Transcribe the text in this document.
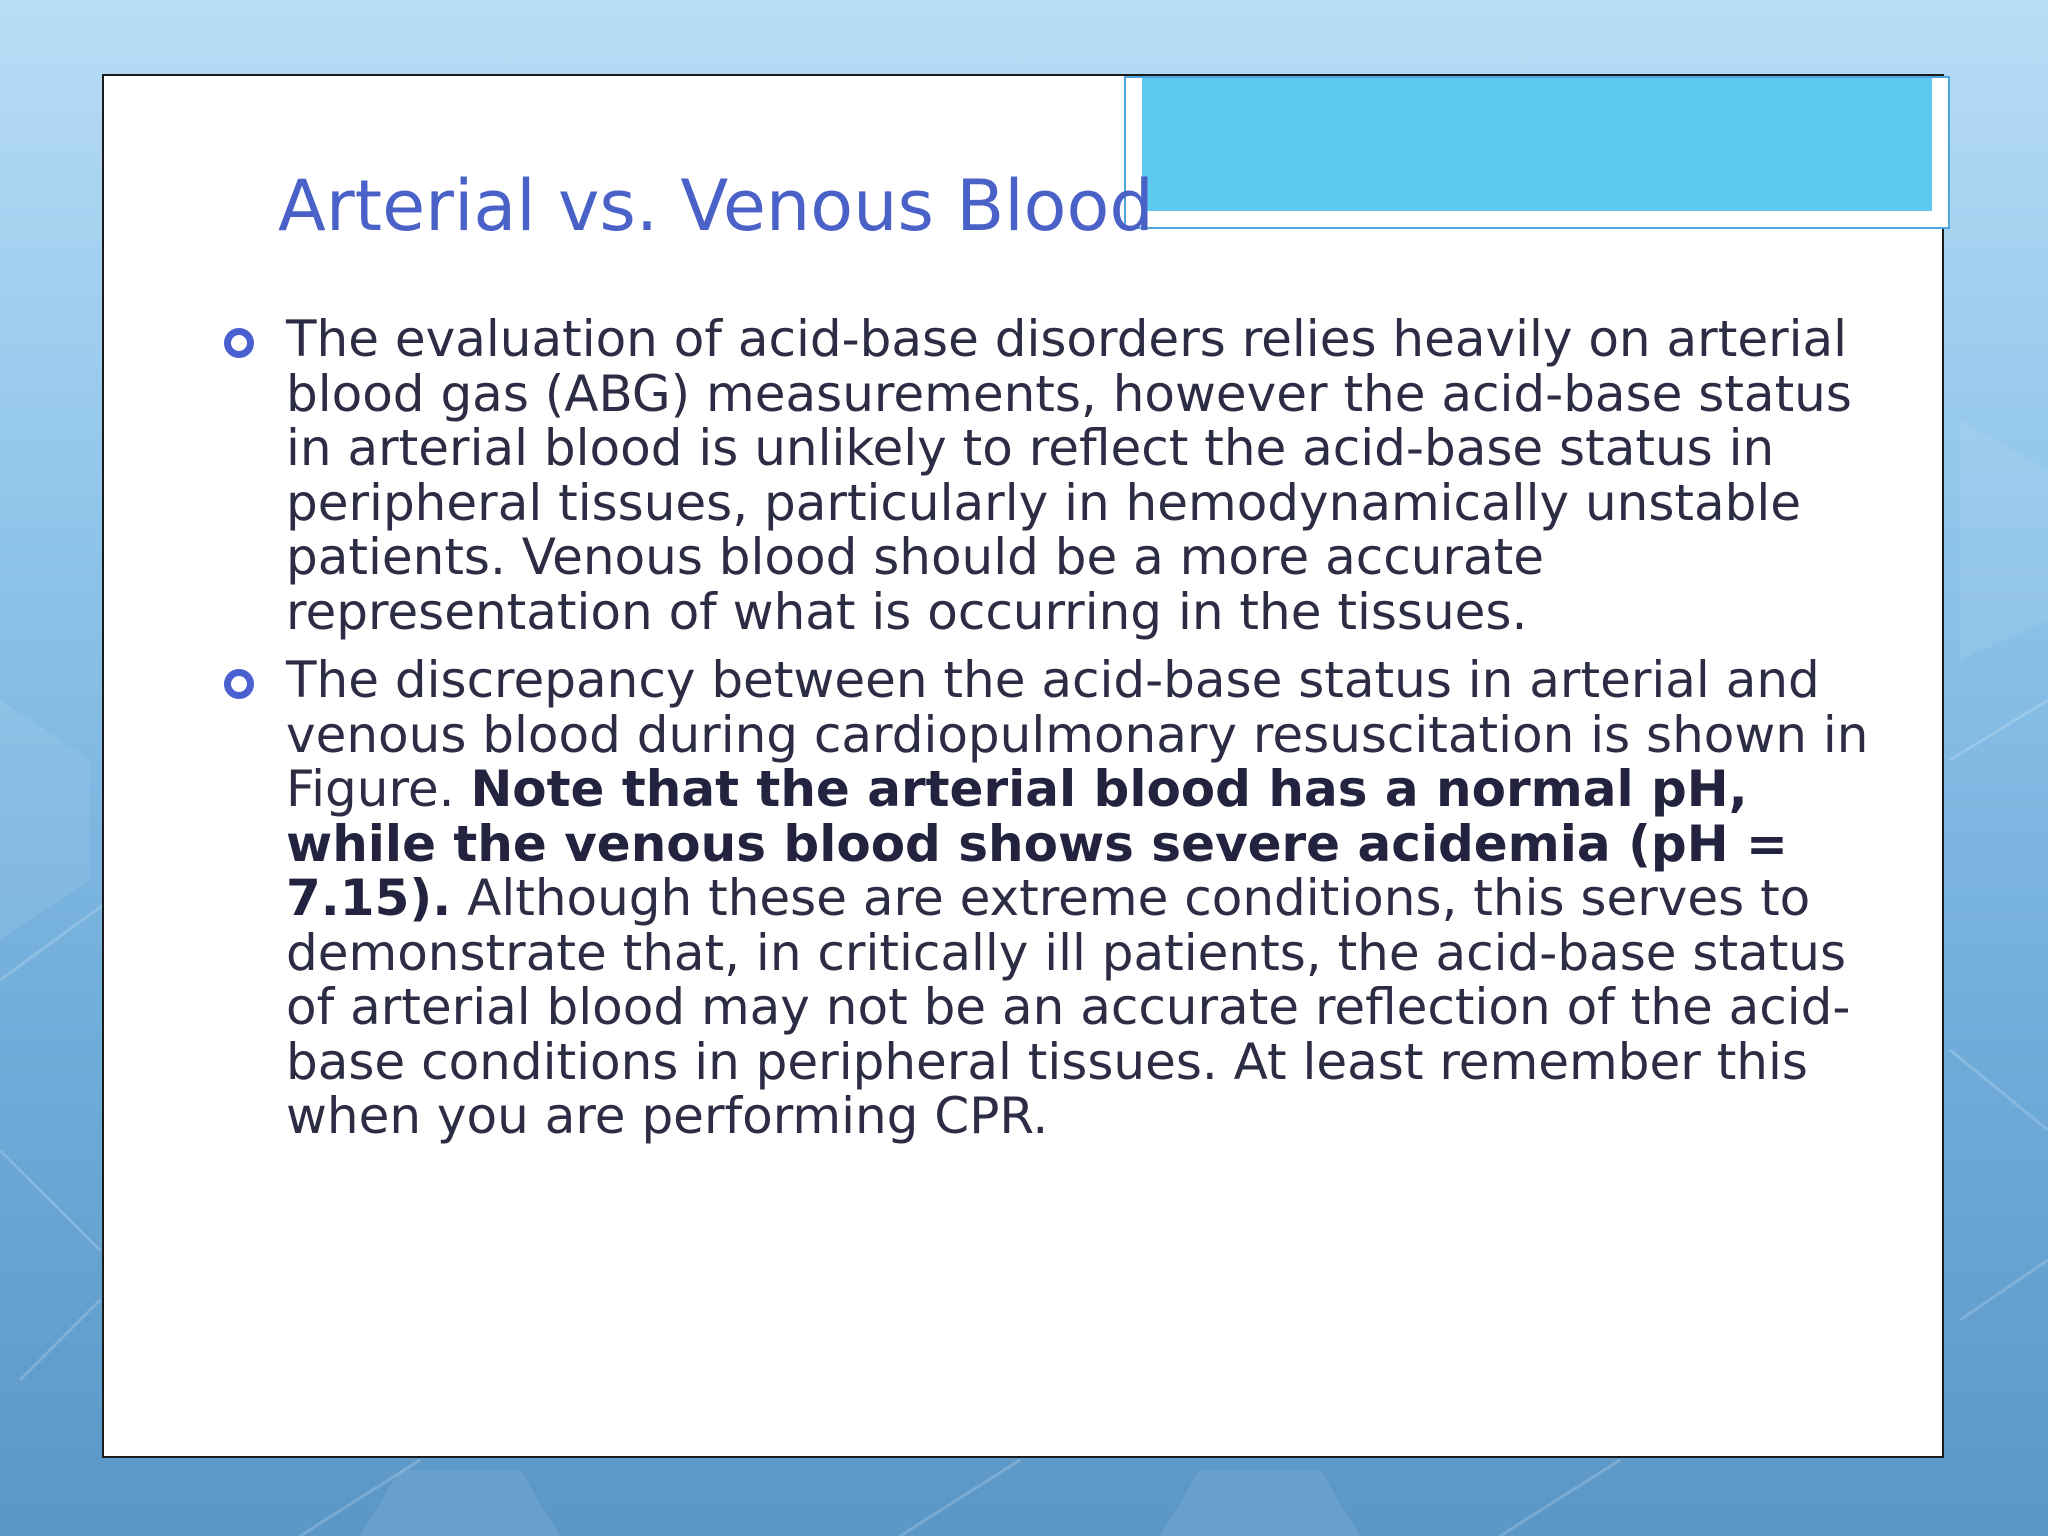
Arterial vs. Venous Blood
The evaluation of acid-base disorders relies heavily on arterial blood gas (ABG) measurements, however the acid-base status in arterial blood is unlikely to reflect the acid-base status in peripheral tissues, particularly in hemodynamically unstable patients. Venous blood should be a more accurate representation of what is occurring in the tissues.
The discrepancy between the acid-base status in arterial and venous blood during cardiopulmonary resuscitation is shown in Figure. Note that the arterial blood has a normal pH, while the venous blood shows severe acidemia (pH = 7.15). Although these are extreme conditions, this serves to demonstrate that, in critically ill patients, the acid-base status of arterial blood may not be an accurate reflection of the acid-base conditions in peripheral tissues. At least remember this when you are performing CPR.
